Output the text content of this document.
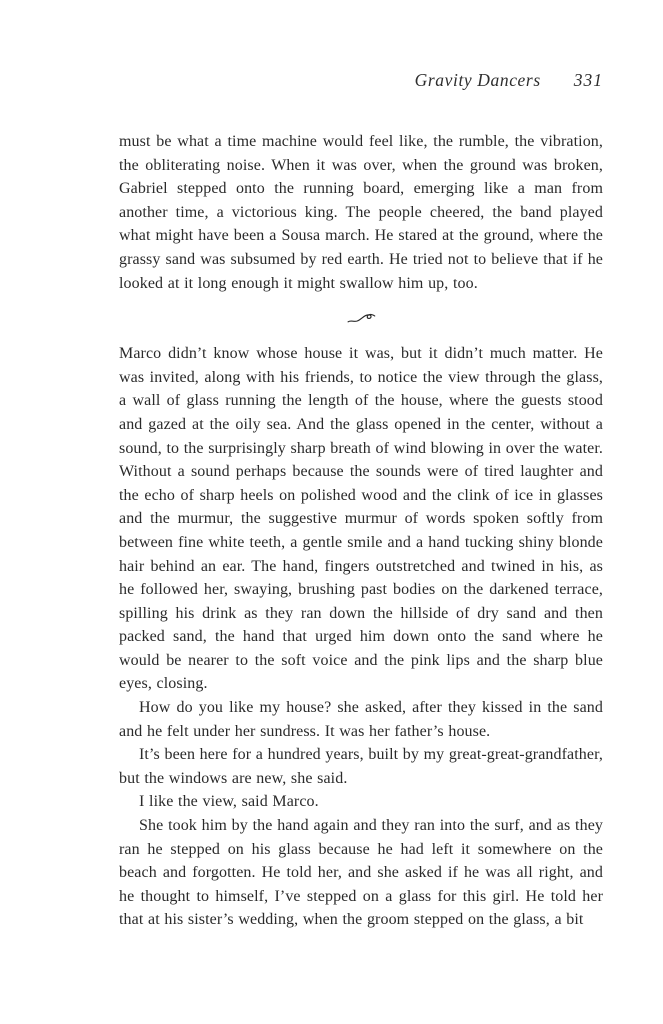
Gravity Dancers 331

must be what a time machine would feel like, the rumble, the vibration, the obliterating noise. When it was over, when the ground was broken, Gabriel stepped onto the running board, emerging like a man from another time, a victorious king. The people cheered, the band played what might have been a Sousa march. He stared at the ground, where the grassy sand was subsumed by red earth. He tried not to believe that if he looked at it long enough it might swallow him up, too.

Marco didn’t know whose house it was, but it didn’t much matter. He was invited, along with his friends, to notice the view through the glass, a wall of glass running the length of the house, where the guests stood and gazed at the oily sea. And the glass opened in the center, without a sound, to the surprisingly sharp breath of wind blowing in over the water. Without a sound perhaps because the sounds were of tired laughter and the echo of sharp heels on polished wood and the clink of ice in glasses and the murmur, the suggestive murmur of words spoken softly from between fine white teeth, a gentle smile and a hand tucking shiny blonde hair behind an ear. The hand, fingers outstretched and twined in his, as he followed her, swaying, brushing past bodies on the darkened terrace, spilling his drink as they ran down the hillside of dry sand and then packed sand, the hand that urged him down onto the sand where he would be nearer to the soft voice and the pink lips and the sharp blue eyes, closing.

How do you like my house? she asked, after they kissed in the sand and he felt under her sundress. It was her father’s house.

It’s been here for a hundred years, built by my great-great-grandfather, but the windows are new, she said.

I like the view, said Marco.

She took him by the hand again and they ran into the surf, and as they ran he stepped on his glass because he had left it somewhere on the beach and forgotten. He told her, and she asked if he was all right, and he thought to himself, I’ve stepped on a glass for this girl. He told her that at his sister’s wedding, when the groom stepped on the glass, a bit
